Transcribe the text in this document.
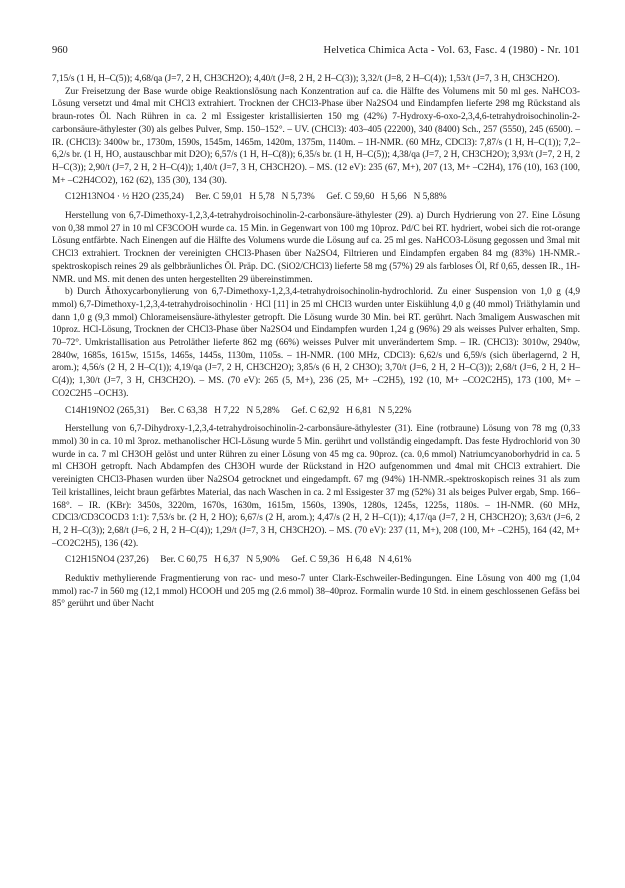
960	Helvetica Chimica Acta - Vol. 63, Fasc. 4 (1980) - Nr. 101

7,15/s (1 H, H–C(5)); 4,68/qa (J=7, 2 H, CH3CH2O); 4,40/t (J=8, 2 H, 2 H–C(3)); 3,32/t (J=8, 2 H–C(4)); 1,53/t (J=7, 3 H, CH3CH2O).

Zur Freisetzung der Base wurde obige Reaktionslösung nach Konzentration auf ca. die Hälfte des Volumens mit 50 ml ges. NaHCO3-Lösung versetzt und 4mal mit CHCl3 extrahiert. Trocknen der CHCl3-Phase über Na2SO4 und Eindampfen lieferte 298 mg Rückstand als braun-rotes Öl. Nach Rühren in ca. 2 ml Essigester kristallisierten 150 mg (42%) 7-Hydroxy-6-oxo-2,3,4,6-tetrahydroisochinolin-2-carbonsäure-äthylester (30) als gelbes Pulver, Smp. 150–152°. – UV. (CHCl3): 403–405 (22200), 340 (8400) Sch., 257 (5550), 245 (6500). – IR. (CHCl3): 3400w br., 1730m, 1590s, 1545m, 1465m, 1420m, 1375m, 1140m. – 1H-NMR. (60 MHz, CDCl3): 7,87/s (1 H, H–C(1)); 7,2–6,2/s br. (1 H, HO, austauschbar mit D2O); 6,57/s (1 H, H–C(8)); 6,35/s br. (1 H, H–C(5)); 4,38/qa (J=7, 2 H, CH3CH2O); 3,93/t (J=7, 2 H, 2 H–C(3)); 2,90/t (J=7, 2 H, 2 H–C(4)); 1,40/t (J=7, 3 H, CH3CH2O). – MS. (12 eV): 235 (67, M+), 207 (13, M+ –C2H4), 176 (10), 163 (100, M+ –C2H4CO2), 162 (62), 135 (30), 134 (30).

C12H13NO4 · ½ H2O (235,24)     Ber. C 59,01   H 5,78   N 5,73%     Gef. C 59,60   H 5,66   N 5,88%

Herstellung von 6,7-Dimethoxy-1,2,3,4-tetrahydroisochinolin-2-carbonsäure-äthylester (29). a) Durch Hydrierung von 27. Eine Lösung von 0,38 mmol 27 in 10 ml CF3COOH wurde ca. 15 Min. in Gegenwart von 100 mg 10proz. Pd/C bei RT. hydriert, wobei sich die rot-orange Lösung entfärbte. Nach Einengen auf die Hälfte des Volumens wurde die Lösung auf ca. 25 ml ges. NaHCO3-Lösung gegossen und 3mal mit CHCl3 extrahiert. Trocknen der vereinigten CHCl3-Phasen über Na2SO4, Filtrieren und Eindampfen ergaben 84 mg (83%) 1H-NMR.-spektroskopisch reines 29 als gelbbräunliches Öl. Präp. DC. (SiO2/CHCl3) lieferte 58 mg (57%) 29 als farbloses Öl, Rf 0,65, dessen IR., 1H-NMR. und MS. mit denen des unten hergestellten 29 übereinstimmen.

b) Durch Äthoxycarbonylierung von 6,7-Dimethoxy-1,2,3,4-tetrahydroisochinolin-hydrochlorid. Zu einer Suspension von 1,0 g (4,9 mmol) 6,7-Dimethoxy-1,2,3,4-tetrahydroisochinolin · HCl [11] in 25 ml CHCl3 wurden unter Eiskühlung 4,0 g (40 mmol) Triäthylamin und dann 1,0 g (9,3 mmol) Chlorameisensäure-äthylester getropft. Die Lösung wurde 30 Min. bei RT. gerührt. Nach 3maligem Auswaschen mit 10proz. HCl-Lösung, Trocknen der CHCl3-Phase über Na2SO4 und Eindampfen wurden 1,24 g (96%) 29 als weisses Pulver erhalten, Smp. 70–72°. Umkristallisation aus Petroläther lieferte 862 mg (66%) weisses Pulver mit unverändertem Smp. – IR. (CHCl3): 3010w, 2940w, 2840w, 1685s, 1615w, 1515s, 1465s, 1445s, 1130m, 1105s. – 1H-NMR. (100 MHz, CDCl3): 6,62/s und 6,59/s (sich überlagernd, 2 H, arom.); 4,56/s (2 H, 2 H–C(1)); 4,19/qa (J=7, 2 H, CH3CH2O); 3,85/s (6 H, 2 CH3O); 3,70/t (J=6, 2 H, 2 H–C(3)); 2,68/t (J=6, 2 H, 2 H–C(4)); 1,30/t (J=7, 3 H, CH3CH2O). – MS. (70 eV): 265 (5, M+), 236 (25, M+ –C2H5), 192 (10, M+ –CO2C2H5), 173 (100, M+ –CO2C2H5 –OCH3).

C14H19NO2 (265,31)     Ber. C 63,38   H 7,22   N 5,28%     Gef. C 62,92   H 6,81   N 5,22%

Herstellung von 6,7-Dihydroxy-1,2,3,4-tetrahydroisochinolin-2-carbonsäure-äthylester (31). Eine (rotbraune) Lösung von 78 mg (0,33 mmol) 30 in ca. 10 ml 3proz. methanolischer HCl-Lösung wurde 5 Min. gerührt und vollständig eingedampft. Das feste Hydrochlorid von 30 wurde in ca. 7 ml CH3OH gelöst und unter Rühren zu einer Lösung von 45 mg ca. 90proz. (ca. 0,6 mmol) Natriumcyanoborhydrid in ca. 5 ml CH3OH getropft. Nach Abdampfen des CH3OH wurde der Rückstand in H2O aufgenommen und 4mal mit CHCl3 extrahiert. Die vereinigten CHCl3-Phasen wurden über Na2SO4 getrocknet und eingedampft. 67 mg (94%) 1H-NMR.-spektroskopisch reines 31 als zum Teil kristallines, leicht braun gefärbtes Material, das nach Waschen in ca. 2 ml Essigester 37 mg (52%) 31 als beiges Pulver ergab, Smp. 166–168°. – IR. (KBr): 3450s, 3220m, 1670s, 1630m, 1615m, 1560s, 1390s, 1280s, 1245s, 1225s, 1180s. – 1H-NMR. (60 MHz, CDCl3/CD3COCD3 1:1): 7,53/s br. (2 H, 2 HO); 6,67/s (2 H, arom.); 4,47/s (2 H, 2 H–C(1)); 4,17/qa (J=7, 2 H, CH3CH2O); 3,63/t (J=6, 2 H, 2 H–C(3)); 2,68/t (J=6, 2 H, 2 H–C(4)); 1,29/t (J=7, 3 H, CH3CH2O). – MS. (70 eV): 237 (11, M+), 208 (100, M+ –C2H5), 164 (42, M+ –CO2C2H5), 136 (42).

C12H15NO4 (237,26)     Ber. C 60,75   H 6,37   N 5,90%     Gef. C 59,36   H 6,48   N 4,61%

Reduktiv methylierende Fragmentierung von rac- und meso-7 unter Clark-Eschweiler-Bedingungen. Eine Lösung von 400 mg (1,04 mmol) rac-7 in 560 mg (12,1 mmol) HCOOH und 205 mg (2.6 mmol) 38–40proz. Formalin wurde 10 Std. in einem geschlossenen Gefäss bei 85° gerührt und über Nacht
